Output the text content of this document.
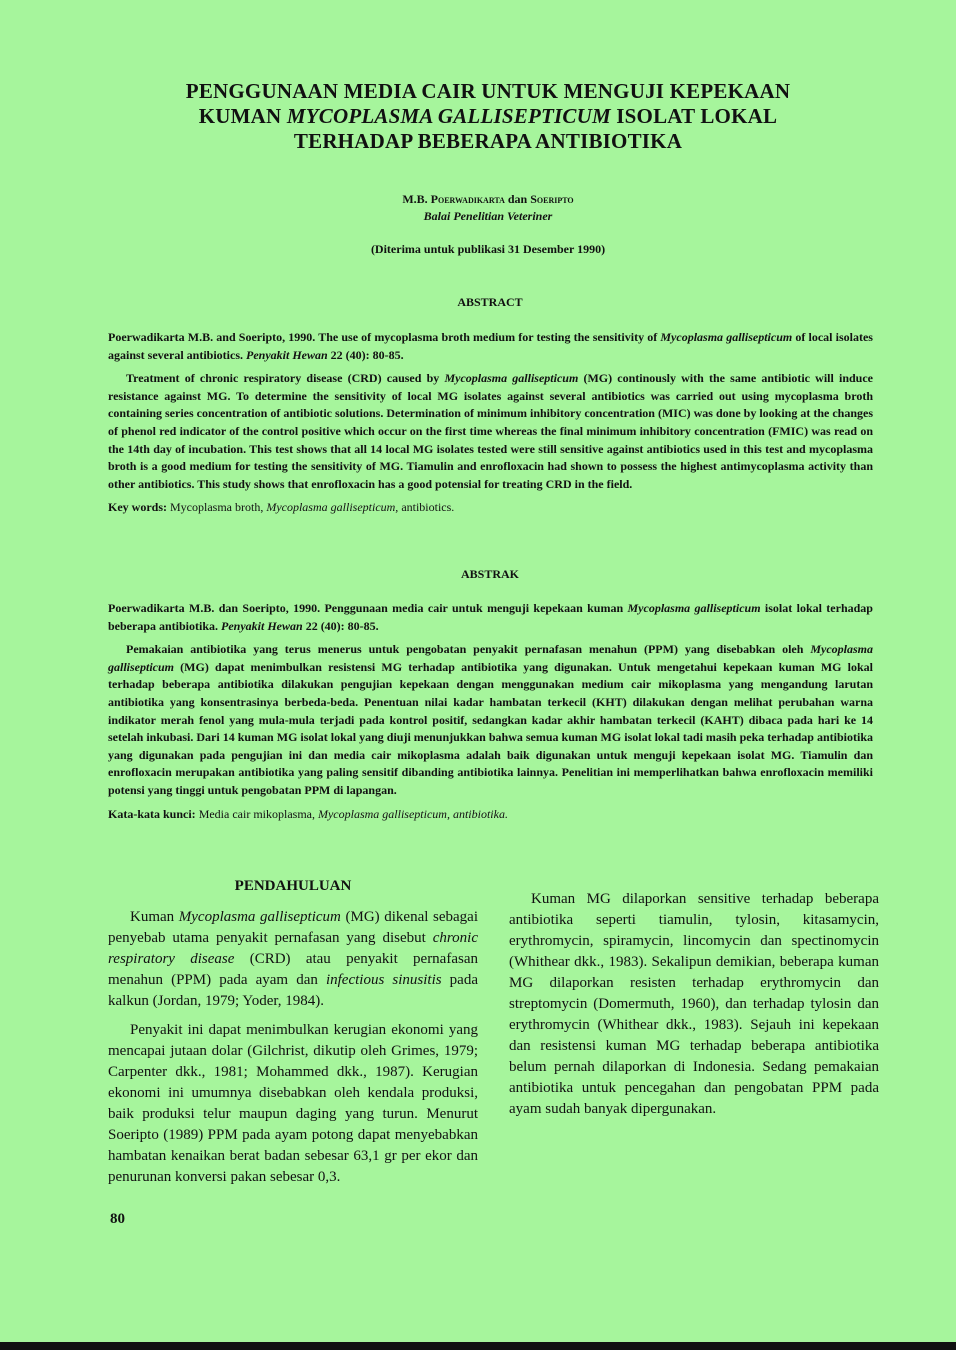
PENGGUNAAN MEDIA CAIR UNTUK MENGUJI KEPEKAAN
KUMAN MYCOPLASMA GALLISEPTICUM ISOLAT LOKAL
TERHADAP BEBERAPA ANTIBIOTIKA
M.B. Poerwadikarta dan Soeripto
Balai Penelitian Veteriner
(Diterima untuk publikasi 31 Desember 1990)
ABSTRACT

Poerwadikarta M.B. and Soeripto, 1990. The use of mycoplasma broth medium for testing the sensitivity of Mycoplasma gallisepticum of local isolates against several antibiotics. Penyakit Hewan 22 (40): 80-85.

Treatment of chronic respiratory disease (CRD) caused by Mycoplasma gallisepticum (MG) continously with the same antibiotic will induce resistance against MG. To determine the sensitivity of local MG isolates against several antibiotics was carried out using mycoplasma broth containing series concentration of antibiotic solutions. Determination of minimum inhibitory concentration (MIC) was done by looking at the changes of phenol red indicator of the control positive which occur on the first time whereas the final minimum inhibitory concentration (FMIC) was read on the 14th day of incubation. This test shows that all 14 local MG isolates tested were still sensitive against antibiotics used in this test and mycoplasma broth is a good medium for testing the sensitivity of MG. Tiamulin and enrofloxacin had shown to possess the highest antimycoplasma activity than other antibiotics. This study shows that enrofloxacin has a good potensial for treating CRD in the field.

Key words: Mycoplasma broth, Mycoplasma gallisepticum, antibiotics.

ABSTRAK

Poerwadikarta M.B. dan Soeripto, 1990. Penggunaan media cair untuk menguji kepekaan kuman Mycoplasma gallisepticum isolat lokal terhadap beberapa antibiotika. Penyakit Hewan 22 (40): 80-85.

Pemakaian antibiotika yang terus menerus untuk pengobatan penyakit pernafasan menahun (PPM) yang disebabkan oleh Mycoplasma gallisepticum (MG) dapat menimbulkan resistensi MG terhadap antibiotika yang digunakan. Untuk mengetahui kepekaan kuman MG lokal terhadap beberapa antibiotika dilakukan pengujian kepekaan dengan menggunakan medium cair mikoplasma yang mengandung larutan antibiotika yang konsentrasinya berbeda-beda. Penentuan nilai kadar hambatan terkecil (KHT) dilakukan dengan melihat perubahan warna indikator merah fenol yang mula-mula terjadi pada kontrol positif, sedangkan kadar akhir hambatan terkecil (KAHT) dibaca pada hari ke 14 setelah inkubasi. Dari 14 kuman MG isolat lokal yang diuji menunjukkan bahwa semua kuman MG isolat lokal tadi masih peka terhadap antibiotika yang digunakan pada pengujian ini dan media cair mikoplasma adalah baik digunakan untuk menguji kepekaan isolat MG. Tiamulin dan enrofloxacin merupakan antibiotika yang paling sensitif dibanding antibiotika lainnya. Penelitian ini memperlihatkan bahwa enrofloxacin memiliki potensi yang tinggi untuk pengobatan PPM di lapangan.

Kata-kata kunci: Media cair mikoplasma, Mycoplasma gallisepticum, antibiotika.

PENDAHULUAN

Kuman Mycoplasma gallisepticum (MG) dikenal sebagai penyebab utama penyakit pernafasan yang disebut chronic respiratory disease (CRD) atau penyakit pernafasan menahun (PPM) pada ayam dan infectious sinusitis pada kalkun (Jordan, 1979; Yoder, 1984).

Penyakit ini dapat menimbulkan kerugian ekonomi yang mencapai jutaan dolar (Gilchrist, dikutip oleh Grimes, 1979; Carpenter dkk., 1981; Mohammed dkk., 1987). Kerugian ekonomi ini umumnya disebabkan oleh kendala produksi, baik produksi telur maupun daging yang turun. Menurut Soeripto (1989) PPM pada ayam potong dapat menyebabkan hambatan kenaikan berat badan sebesar 63,1 gr per ekor dan penurunan konversi pakan sebesar 0,3.

Kuman MG dilaporkan sensitive terhadap beberapa antibiotika seperti tiamulin, tylosin, kitasamycin, erythromycin, spiramycin, lincomycin dan spectinomycin (Whithear dkk., 1983). Sekalipun demikian, beberapa kuman MG dilaporkan resisten terhadap erythromycin dan streptomycin (Domermuth, 1960), dan terhadap tylosin dan erythromycin (Whithear dkk., 1983). Sejauh ini kepekaan dan resistensi kuman MG terhadap beberapa antibiotika belum pernah dilaporkan di Indonesia. Sedang pemakaian antibiotika untuk pencegahan dan pengobatan PPM pada ayam sudah banyak dipergunakan.

80
